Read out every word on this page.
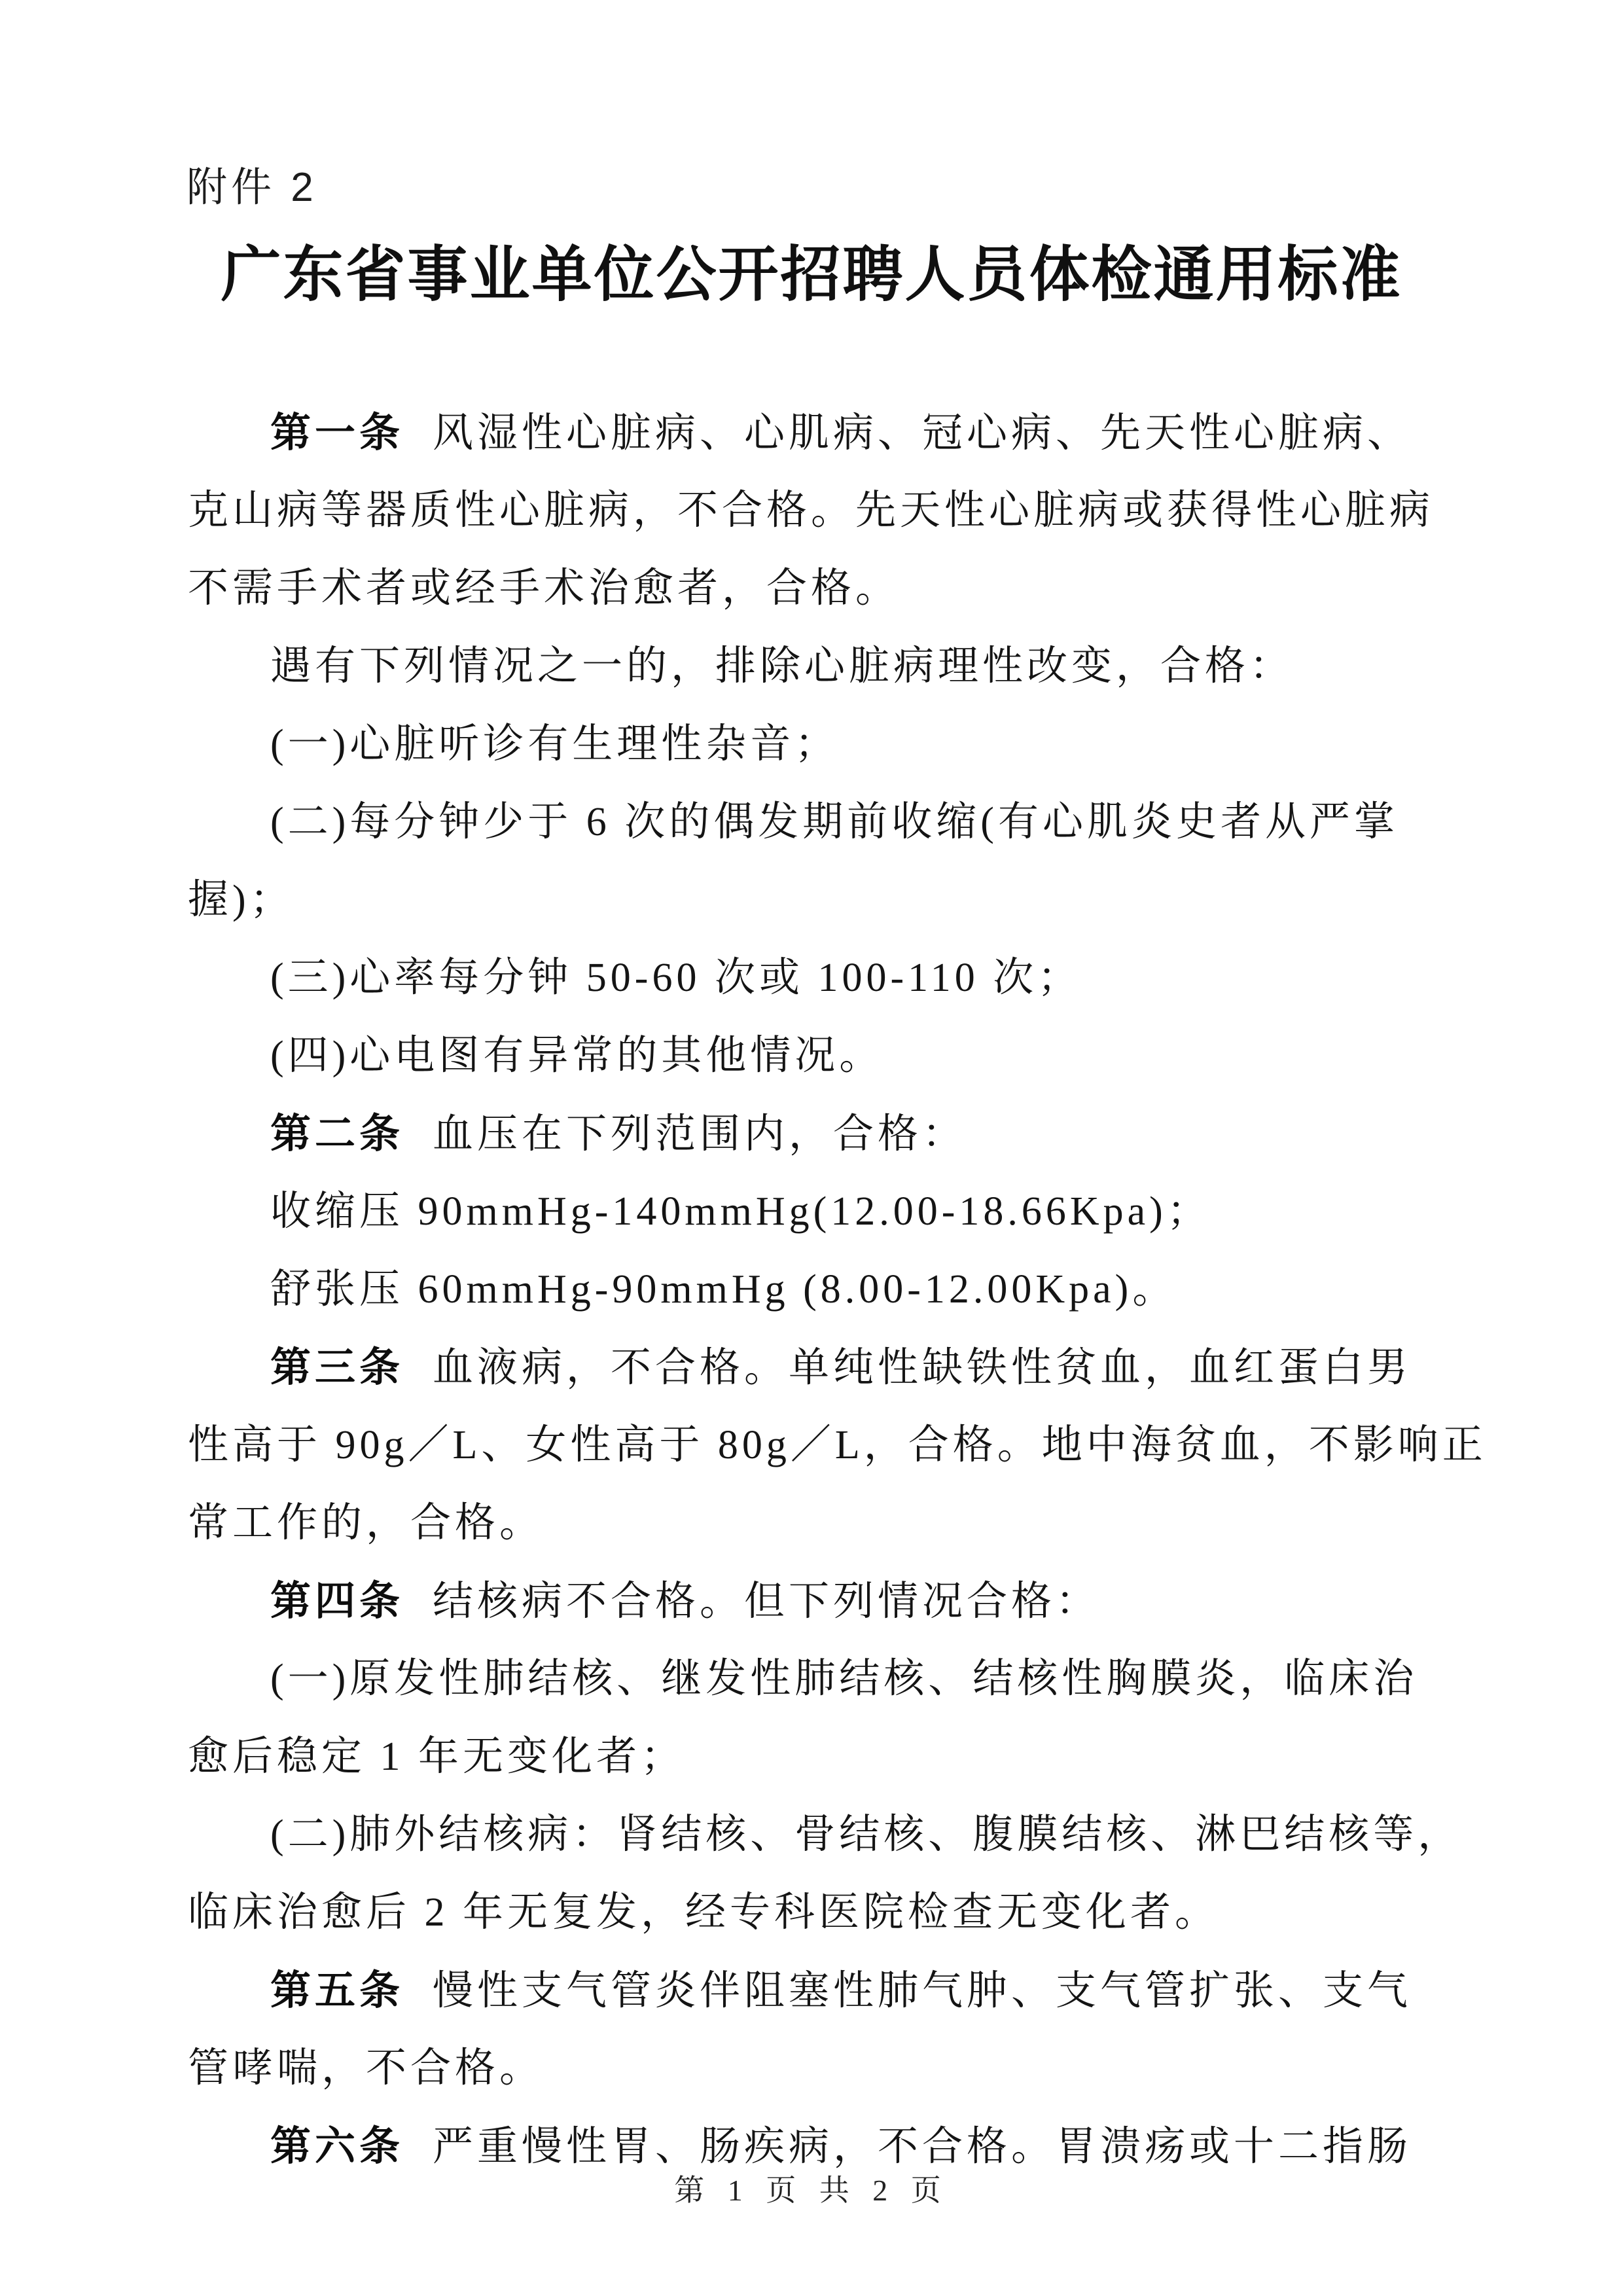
附件 2
广东省事业单位公开招聘人员体检通用标准
第一条 风湿性心脏病、心肌病、冠心病、先天性心脏病、
克山病等器质性心脏病，不合格。先天性心脏病或获得性心脏病
不需手术者或经手术治愈者，合格。
遇有下列情况之一的，排除心脏病理性改变，合格：
(一)心脏听诊有生理性杂音；
(二)每分钟少于 6 次的偶发期前收缩(有心肌炎史者从严掌
握)；
(三)心率每分钟 50-60 次或 100-110 次；
(四)心电图有异常的其他情况。
第二条 血压在下列范围内，合格：
收缩压 90mmHg-140mmHg(12.00-18.66Kpa)；
舒张压 60mmHg-90mmHg (8.00-12.00Kpa)。
第三条 血液病，不合格。单纯性缺铁性贫血，血红蛋白男
性高于 90g／L、女性高于 80g／L，合格。地中海贫血，不影响正
常工作的，合格。
第四条 结核病不合格。但下列情况合格：
(一)原发性肺结核、继发性肺结核、结核性胸膜炎，临床治
愈后稳定 1 年无变化者；
(二)肺外结核病：肾结核、骨结核、腹膜结核、淋巴结核等，
临床治愈后 2 年无复发，经专科医院检查无变化者。
第五条 慢性支气管炎伴阻塞性肺气肿、支气管扩张、支气
管哮喘，不合格。
第六条 严重慢性胃、肠疾病，不合格。胃溃疡或十二指肠
第 1 页 共 2 页
